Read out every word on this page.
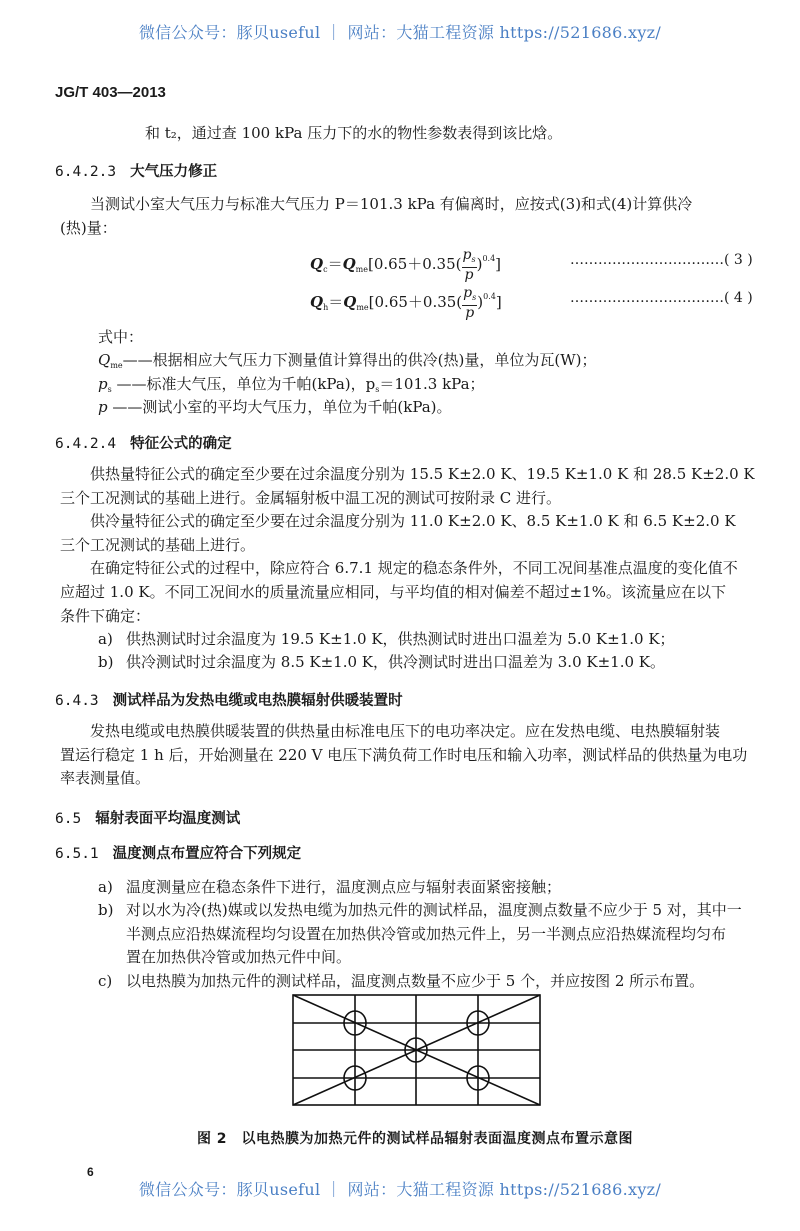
微信公众号：豚贝useful ｜ 网站：大猫工程资源 https://521686.xyz/
JG/T 403—2013
和 t₂，通过查 100 kPa 压力下的水的物性参数表得到该比焓。
6.4.2.3 大气压力修正
当测试小室大气压力与标准大气压力 P＝101.3 kPa 有偏离时，应按式(3)和式(4)计算供冷
(热)量：
$Q_c=Q_{me}[0.65+0.35( \frac{p_s}{p} )^{0.4}]$	……………………………( 3 )
$Q_h=Q_{me}[0.65+0.35( \frac{p_s}{p} )^{0.4}]$	……………………………( 4 )
式中：
$Q_{me}——$根据相应大气压力下测量值计算得出的供冷(热)量，单位为瓦(W)；
$p_s$ ——标准大气压，单位为千帕(kPa)，$p_s=101.3$ kPa；
p ——测试小室的平均大气压力，单位为千帕(kPa)。
6.4.2.4 特征公式的确定
供热量特征公式的确定至少要在过余温度分别为 15.5 K±2.0 K、19.5 K±1.0 K 和 28.5 K±2.0 K
三个工况测试的基础上进行。金属辐射板中温工况的测试可按附录 C 进行。
供冷量特征公式的确定至少要在过余温度分别为 11.0 K±2.0 K、8.5 K±1.0 K 和 6.5 K±2.0 K
三个工况测试的基础上进行。
在确定特征公式的过程中，除应符合 6.7.1 规定的稳态条件外，不同工况间基准点温度的变化值不
应超过 1.0 K。不同工况间水的质量流量应相同，与平均值的相对偏差不超过±1%。该流量应在以下
条件下确定：
a) 供热测试时过余温度为 19.5 K±1.0 K，供热测试时进出口温差为 5.0 K±1.0 K；
b) 供冷测试时过余温度为 8.5 K±1.0 K，供冷测试时进出口温差为 3.0 K±1.0 K。
6.4.3 测试样品为发热电缆或电热膜辐射供暖装置时
发热电缆或电热膜供暖装置的供热量由标准电压下的电功率决定。应在发热电缆、电热膜辐射装
置运行稳定 1 h 后，开始测量在 220 V 电压下满负荷工作时电压和输入功率，测试样品的供热量为电功
率表测量值。
6.5 辐射表面平均温度测试
6.5.1 温度测点布置应符合下列规定
a) 温度测量应在稳态条件下进行，温度测点应与辐射表面紧密接触；
b) 对以水为冷(热)媒或以发热电缆为加热元件的测试样品，温度测点数量不应少于 5 对，其中一
半测点应沿热媒流程均匀设置在加热供冷管或加热元件上，另一半测点应沿热媒流程均匀布
置在加热供冷管或加热元件中间。
c) 以电热膜为加热元件的测试样品，温度测点数量不应少于 5 个，并应按图 2 所示布置。
图 2　以电热膜为加热元件的测试样品辐射表面温度测点布置示意图
6
微信公众号：豚贝useful ｜ 网站：大猫工程资源 https://521686.xyz/
